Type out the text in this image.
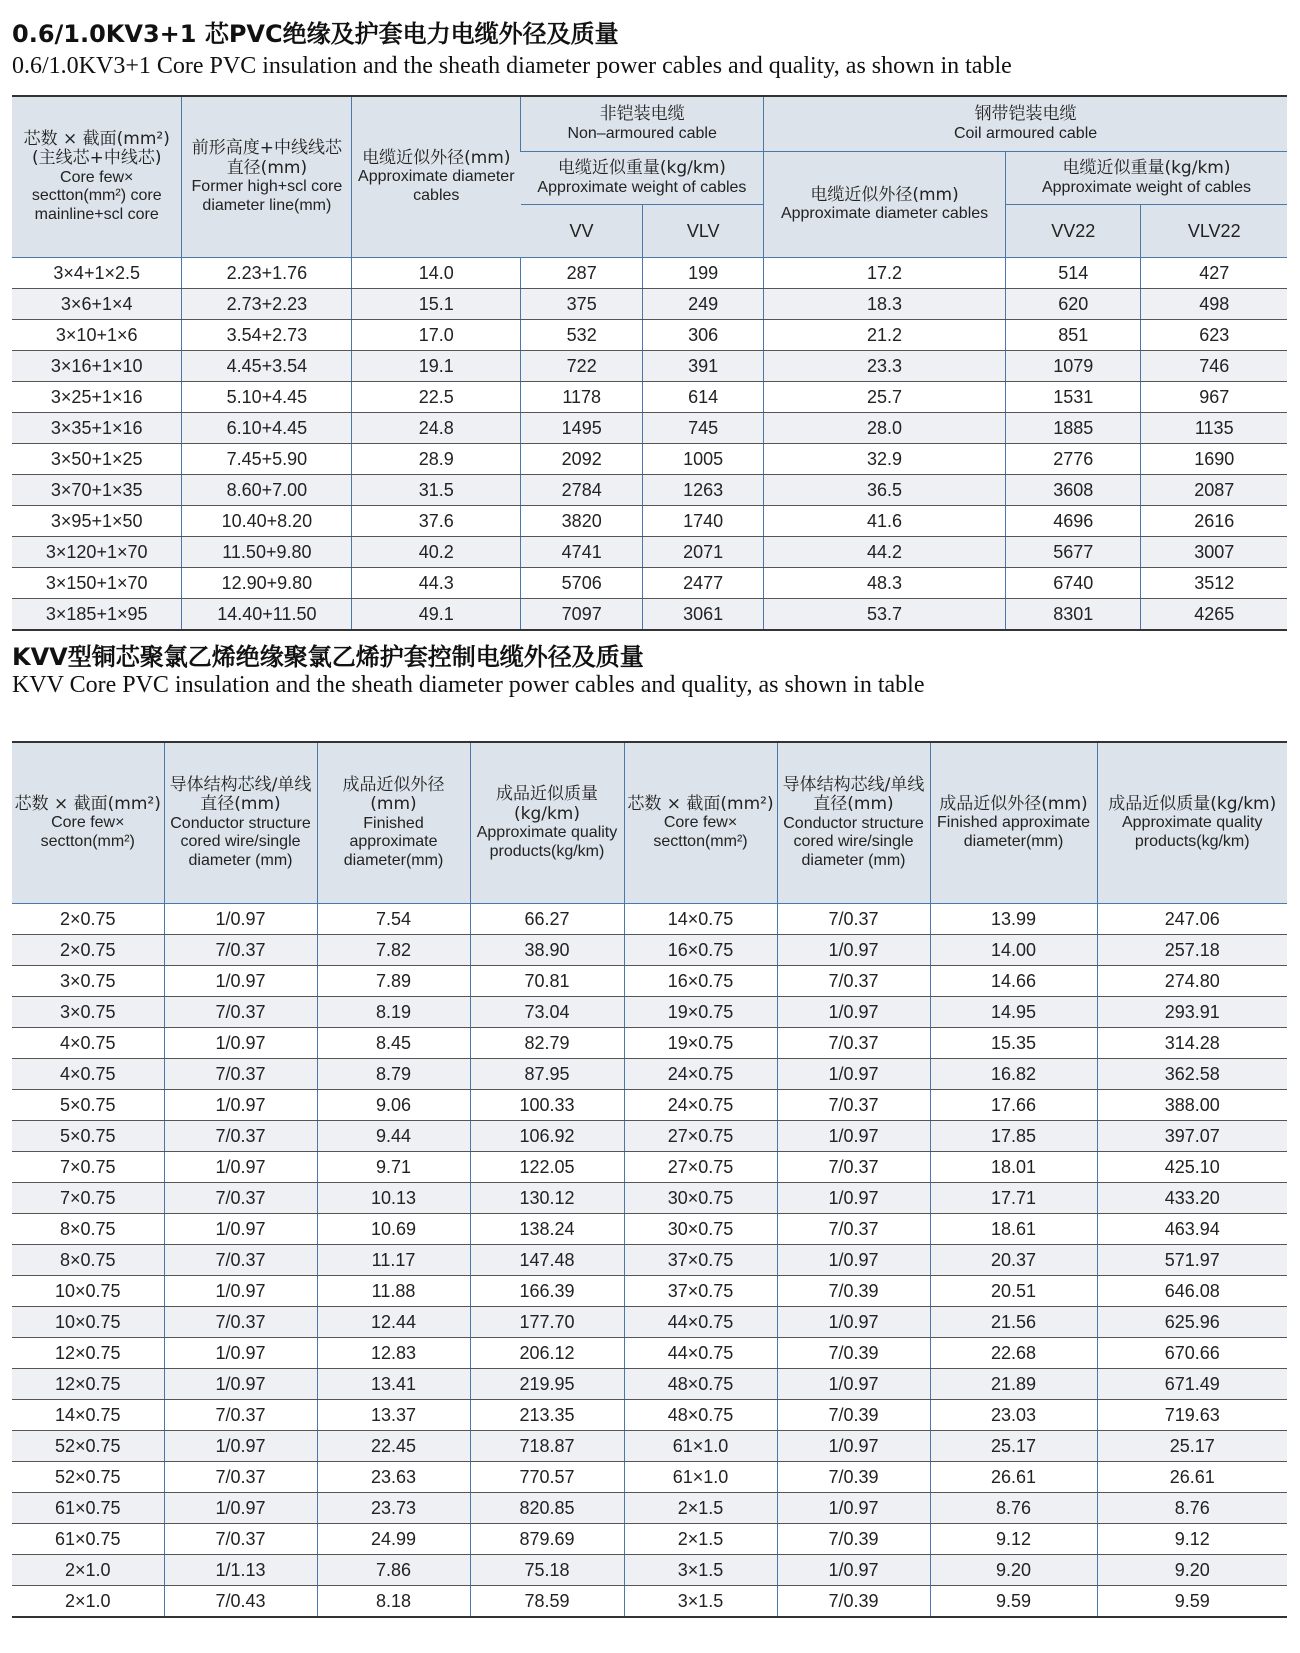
0.6/1.0KV3+1 芯PVC绝缘及护套电力电缆外径及质量
0.6/1.0KV3+1 Core PVC insulation and the sheath diameter power cables and quality, as shown in table
芯数 × 截面(mm²)(主线芯+中线芯)
Core few× sectton(mm²) core mainline+scl core	前形高度+中线线芯直径(mm)
Former high+scl core diameter line(mm)	电缆近似外径(mm)
Approximate diameter cables	非铠装电缆
Non–armoured cable		钢带铠装电缆
Coil armoured cable		

			电缆近似重量(kg/km)
Approximate weight of cables		电缆近似外径(mm)
Approximate diameter cables	电缆近似重量(kg/km)
Approximate weight of cables	

			VV	VLV		VV22	VLV22

3×4+1×2.5	2.23+1.76	14.0	287	199	17.2	514	427
3×6+1×4	2.73+2.23	15.1	375	249	18.3	620	498
3×10+1×6	3.54+2.73	17.0	532	306	21.2	851	623
3×16+1×10	4.45+3.54	19.1	722	391	23.3	1079	746
3×25+1×16	5.10+4.45	22.5	1178	614	25.7	1531	967
3×35+1×16	6.10+4.45	24.8	1495	745	28.0	1885	1135
3×50+1×25	7.45+5.90	28.9	2092	1005	32.9	2776	1690
3×70+1×35	8.60+7.00	31.5	2784	1263	36.5	3608	2087
3×95+1×50	10.40+8.20	37.6	3820	1740	41.6	4696	2616
3×120+1×70	11.50+9.80	40.2	4741	2071	44.2	5677	3007
3×150+1×70	12.90+9.80	44.3	5706	2477	48.3	6740	3512
3×185+1×95	14.40+11.50	49.1	7097	3061	53.7	8301	4265
KVV型铜芯聚氯乙烯绝缘聚氯乙烯护套控制电缆外径及质量
KVV Core PVC insulation and the sheath diameter power cables and quality, as shown in table
芯数 × 截面(mm²)
Core few× sectton(mm²)	导体结构芯线/单线直径(mm)
Conductor structure cored wire/single diameter (mm)	成品近似外径(mm)
Finished approximate diameter(mm)	成品近似质量(kg/km)
Approximate quality products(kg/km)	芯数 × 截面(mm²)
Core few× sectton(mm²)	导体结构芯线/单线直径(mm)
Conductor structure cored wire/single diameter (mm)	成品近似外径(mm)
Finished approximate diameter(mm)	成品近似质量(kg/km)
Approximate quality products(kg/km)

2×0.75	1/0.97	7.54	66.27	14×0.75	7/0.37	13.99	247.06
2×0.75	7/0.37	7.82	38.90	16×0.75	1/0.97	14.00	257.18
3×0.75	1/0.97	7.89	70.81	16×0.75	7/0.37	14.66	274.80
3×0.75	7/0.37	8.19	73.04	19×0.75	1/0.97	14.95	293.91
4×0.75	1/0.97	8.45	82.79	19×0.75	7/0.37	15.35	314.28
4×0.75	7/0.37	8.79	87.95	24×0.75	1/0.97	16.82	362.58
5×0.75	1/0.97	9.06	100.33	24×0.75	7/0.37	17.66	388.00
5×0.75	7/0.37	9.44	106.92	27×0.75	1/0.97	17.85	397.07
7×0.75	1/0.97	9.71	122.05	27×0.75	7/0.37	18.01	425.10
7×0.75	7/0.37	10.13	130.12	30×0.75	1/0.97	17.71	433.20
8×0.75	1/0.97	10.69	138.24	30×0.75	7/0.37	18.61	463.94
8×0.75	7/0.37	11.17	147.48	37×0.75	1/0.97	20.37	571.97
10×0.75	1/0.97	11.88	166.39	37×0.75	7/0.39	20.51	646.08
10×0.75	7/0.37	12.44	177.70	44×0.75	1/0.97	21.56	625.96
12×0.75	1/0.97	12.83	206.12	44×0.75	7/0.39	22.68	670.66
12×0.75	1/0.97	13.41	219.95	48×0.75	1/0.97	21.89	671.49
14×0.75	7/0.37	13.37	213.35	48×0.75	7/0.39	23.03	719.63
52×0.75	1/0.97	22.45	718.87	61×1.0	1/0.97	25.17	25.17
52×0.75	7/0.37	23.63	770.57	61×1.0	7/0.39	26.61	26.61
61×0.75	1/0.97	23.73	820.85	2×1.5	1/0.97	8.76	8.76
61×0.75	7/0.37	24.99	879.69	2×1.5	7/0.39	9.12	9.12
2×1.0	1/1.13	7.86	75.18	3×1.5	1/0.97	9.20	9.20
2×1.0	7/0.43	8.18	78.59	3×1.5	7/0.39	9.59	9.59
